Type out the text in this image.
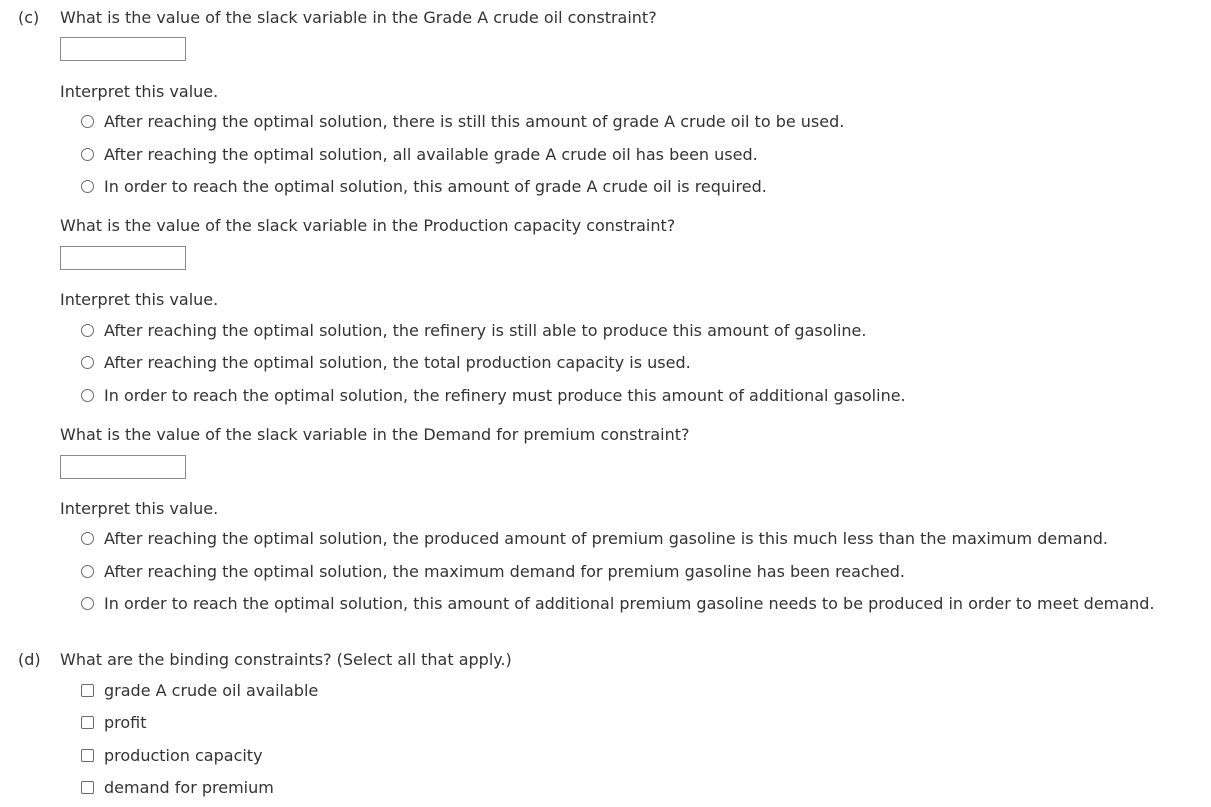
(c) What is the value of the slack variable in the Grade A crude oil constraint?
Interpret this value.
After reaching the optimal solution, there is still this amount of grade A crude oil to be used.
After reaching the optimal solution, all available grade A crude oil has been used.
In order to reach the optimal solution, this amount of grade A crude oil is required.
What is the value of the slack variable in the Production capacity constraint?
Interpret this value.
After reaching the optimal solution, the refinery is still able to produce this amount of gasoline.
After reaching the optimal solution, the total production capacity is used.
In order to reach the optimal solution, the refinery must produce this amount of additional gasoline.
What is the value of the slack variable in the Demand for premium constraint?
Interpret this value.
After reaching the optimal solution, the produced amount of premium gasoline is this much less than the maximum demand.
After reaching the optimal solution, the maximum demand for premium gasoline has been reached.
In order to reach the optimal solution, this amount of additional premium gasoline needs to be produced in order to meet demand.
(d) What are the binding constraints? (Select all that apply.)
grade A crude oil available
profit
production capacity
demand for premium
